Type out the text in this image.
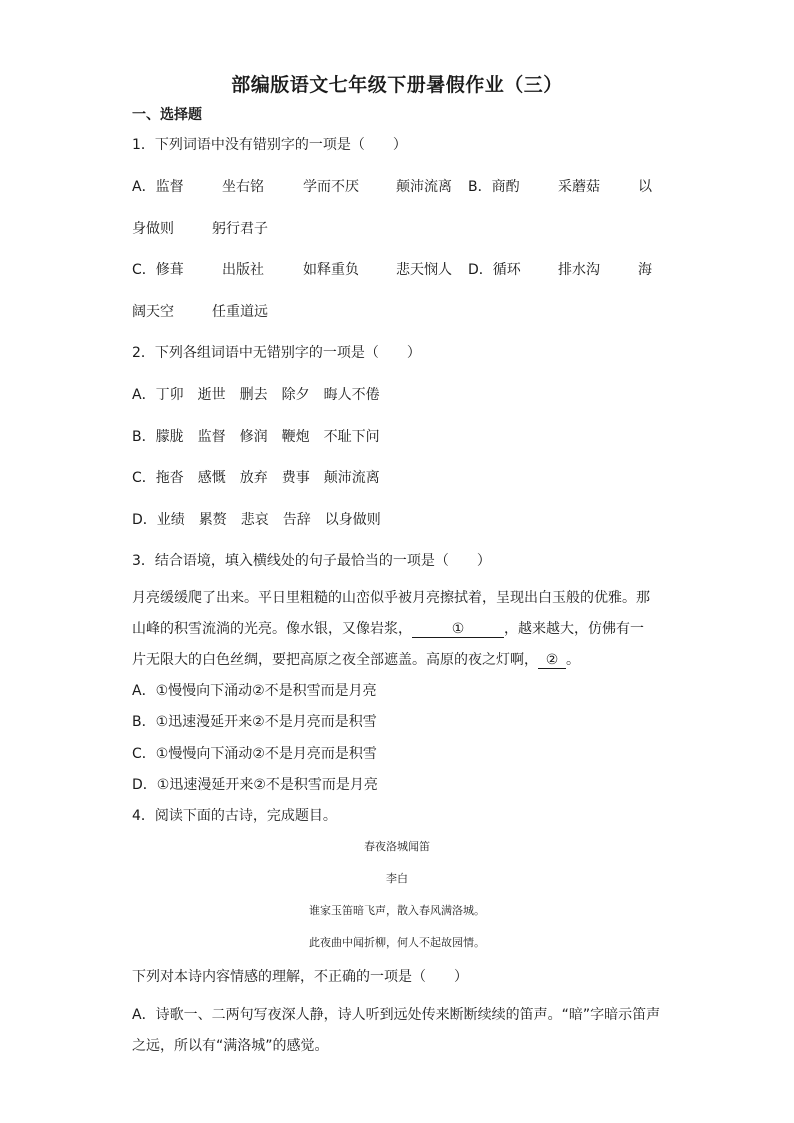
部编版语文七年级下册暑假作业（三）
一、选择题
1．下列词语中没有错别字的一项是（　　）
A．监督	坐右铭	学而不厌	颠沛流离 B．商酌	采蘑菇	以
身做则	躬行君子
C．修葺	出版社	如释重负	悲天悯人 D．循环	排水沟	海
阔天空	任重道远
2．下列各组词语中无错别字的一项是（　　）
A．丁卯 逝世 删去 除夕 晦人不倦
B．朦胧 监督 修润 鞭炮 不耻下问
C．拖沓 感慨 放弃 费事 颠沛流离
D．业绩 累赘 悲哀 告辞 以身做则
3．结合语境，填入横线处的句子最恰当的一项是（　　）
月亮缓缓爬了出来。平日里粗糙的山峦似乎被月亮擦拭着，呈现出白玉般的优雅。那
山峰的积雪流淌的光亮。像水银，又像岩浆，	①	，越来越大，仿佛有一
片无限大的白色丝绸，要把高原之夜全部遮盖。高原的夜之灯啊， ② 。
A．①慢慢向下涌动②不是积雪而是月亮
B．①迅速漫延开来②不是月亮而是积雪
C．①慢慢向下涌动②不是月亮而是积雪
D．①迅速漫延开来②不是积雪而是月亮
4．阅读下面的古诗，完成题目。
春夜洛城闻笛
李白
谁家玉笛暗飞声，散入春风满洛城。
此夜曲中闻折柳，何人不起故园情。
下列对本诗内容情感的理解，不正确的一项是（　　）
A．诗歌一、二两句写夜深人静，诗人听到远处传来断断续续的笛声。“暗”字暗示笛声
之远，所以有“满洛城”的感觉。
